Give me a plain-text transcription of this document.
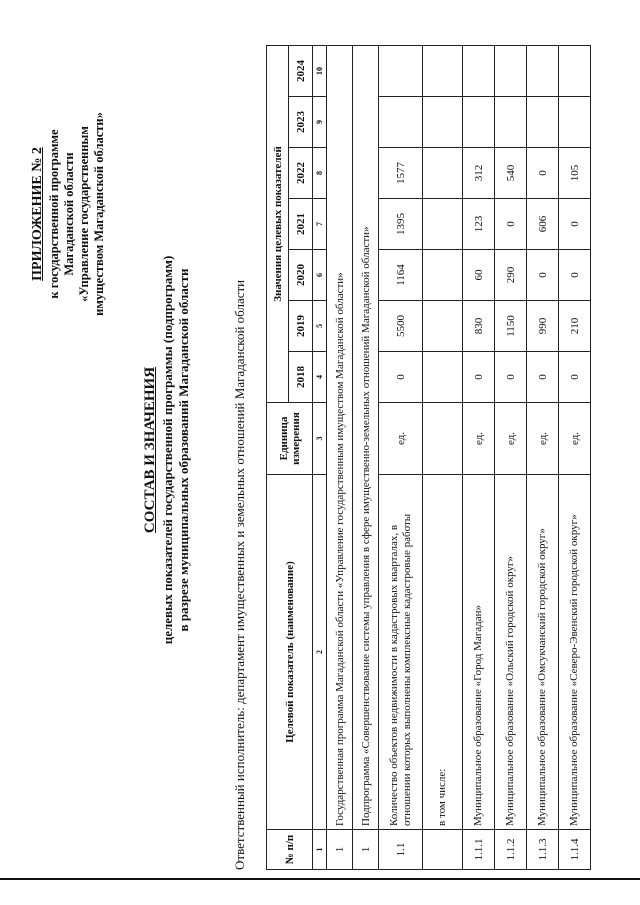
ПРИЛОЖЕНИЕ № 2 к государственной программе Магаданской области «Управление государственным имуществом Магаданской области»
СОСТАВ И ЗНАЧЕНИЯ целевых показателей государственной программы (подпрограмм) в разрезе муниципальных образований Магаданской области	Ответственный исполнитель: департамент имущественных и земельных отношений Магаданской области	№ п/п	Целевой показатель (наименование)	Единица измерения	Значения целевых показателей						
			2018	2019	2020	2021	2022	2023	2024
1	2	3	4	5	6	7	8	9	10
1	Государственная программа Магаданской области «Управление государственным имуществом Магаданской области»								
1	Подпрограмма «Совершенствование системы управления в сфере имущественно-земельных отношений Магаданской области»								
1.1	Количество объектов недвижимости в кадастровых кварталах, в отношении которых выполнены комплексные кадастровые работы	ед.	0	5500	1164	1395	1577		
	в том числе:								
1.1.1	Муниципальное образование «Город Магадан»	ед.	0	830	60	123	312		
1.1.2	Муниципальное образование «Ольский городской округ»	ед.	0	1150	290	0	540		
1.1.3	Муниципальное образование «Омсукчанский городской округ»	ед.	0	990	0	606	0		
1.1.4	Муниципальное образование «Северо-Эвенский городской округ»	ед.	0	210	0	0	105		
